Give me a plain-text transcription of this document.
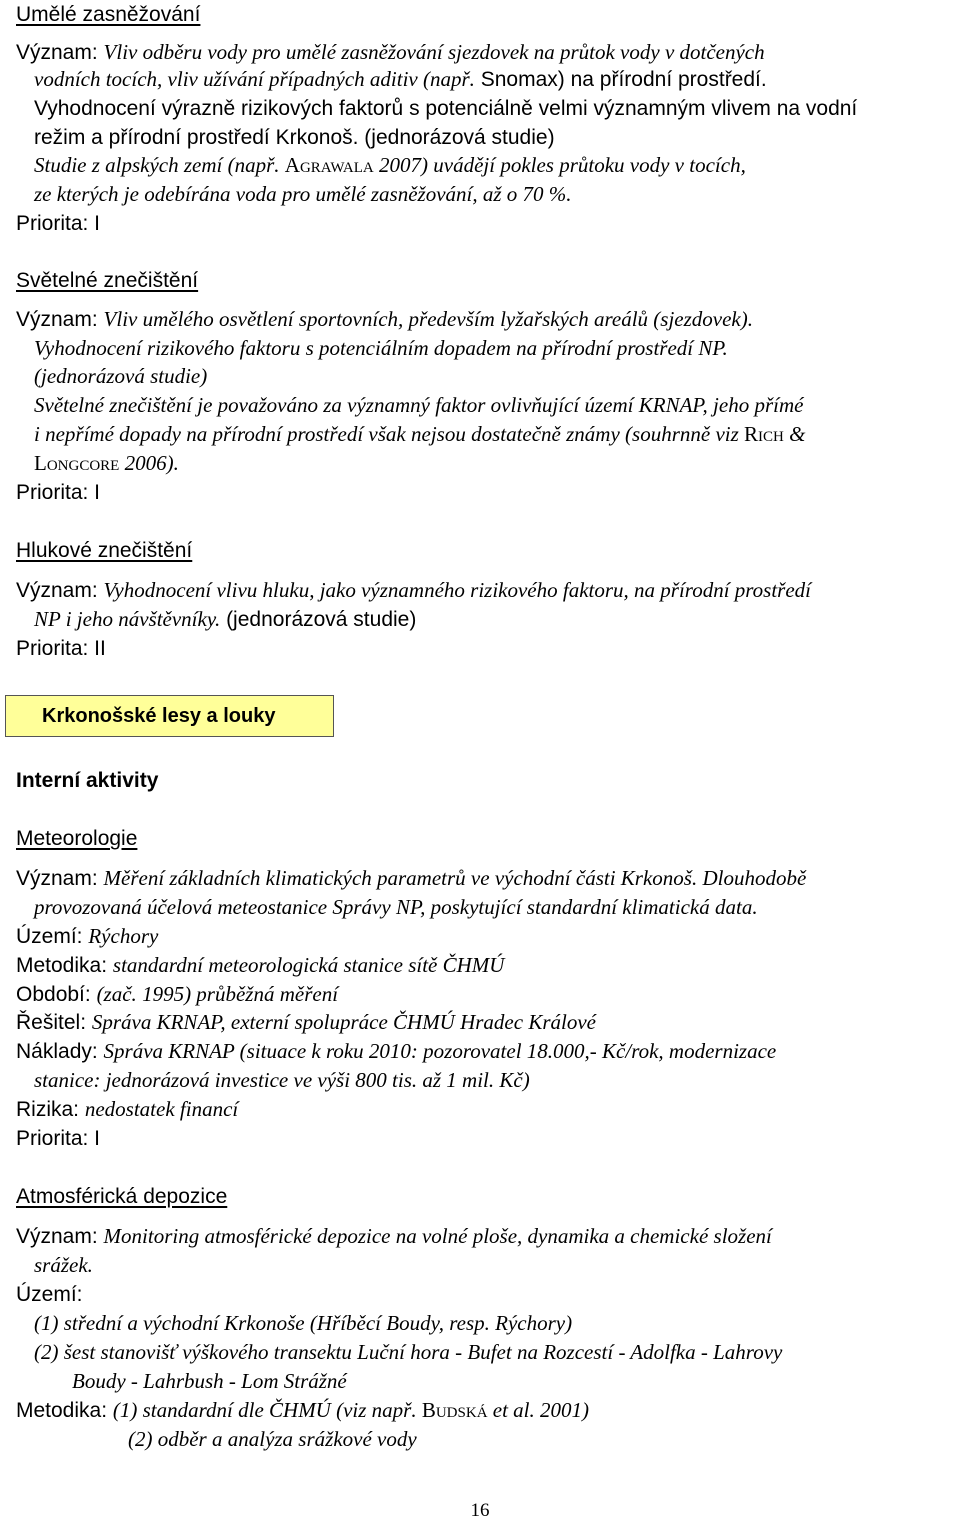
Umělé zasněžování
Význam: Vliv odběru vody pro umělé zasněžování sjezdovek na průtok vody v dotčených
vodních tocích, vliv užívání případných aditiv (např. Snomax) na přírodní prostředí.
Vyhodnocení výrazně rizikových faktorů s potenciálně velmi významným vlivem na vodní
režim a přírodní prostředí Krkonoš. (jednorázová studie)
Studie z alpských zemí (např. Agrawala 2007) uvádějí pokles průtoku vody v tocích,
ze kterých je odebírána voda pro umělé zasněžování, až o 70 %.
Priorita: I
Světelné znečištění
Význam: Vliv umělého osvětlení sportovních, především lyžařských areálů (sjezdovek).
Vyhodnocení rizikového faktoru s potenciálním dopadem na přírodní prostředí NP.
(jednorázová studie)
Světelné znečištění je považováno za významný faktor ovlivňující území KRNAP, jeho přímé
i nepřímé dopady na přírodní prostředí však nejsou dostatečně známy (souhrnně viz Rich &
Longcore 2006).
Priorita: I
Hlukové znečištění
Význam: Vyhodnocení vlivu hluku, jako významného rizikového faktoru, na přírodní prostředí
NP i jeho návštěvníky. (jednorázová studie)
Priorita: II
Krkonošské lesy a louky
Interní aktivity
Meteorologie
Význam: Měření základních klimatických parametrů ve východní části Krkonoš. Dlouhodobě
provozovaná účelová meteostanice Správy NP, poskytující standardní klimatická data.
Území: Rýchory
Metodika: standardní meteorologická stanice sítě ČHMÚ
Období: (zač. 1995) průběžná měření
Řešitel: Správa KRNAP, externí spolupráce ČHMÚ Hradec Králové
Náklady: Správa KRNAP (situace k roku 2010: pozorovatel 18.000,- Kč/rok, modernizace
stanice: jednorázová investice ve výši 800 tis. až 1 mil. Kč)
Rizika: nedostatek financí
Priorita: I
Atmosférická depozice
Význam: Monitoring atmosférické depozice na volné ploše, dynamika a chemické složení
srážek.
Území:
(1) střední a východní Krkonoše (Hříběcí Boudy, resp. Rýchory)
(2) šest stanovišť výškového transektu Luční hora - Bufet na Rozcestí - Adolfka - Lahrovy
Boudy - Lahrbush - Lom Strážné
Metodika: (1) standardní dle ČHMÚ (viz např. Budská et al. 2001)
(2) odběr a analýza srážkové vody
16
